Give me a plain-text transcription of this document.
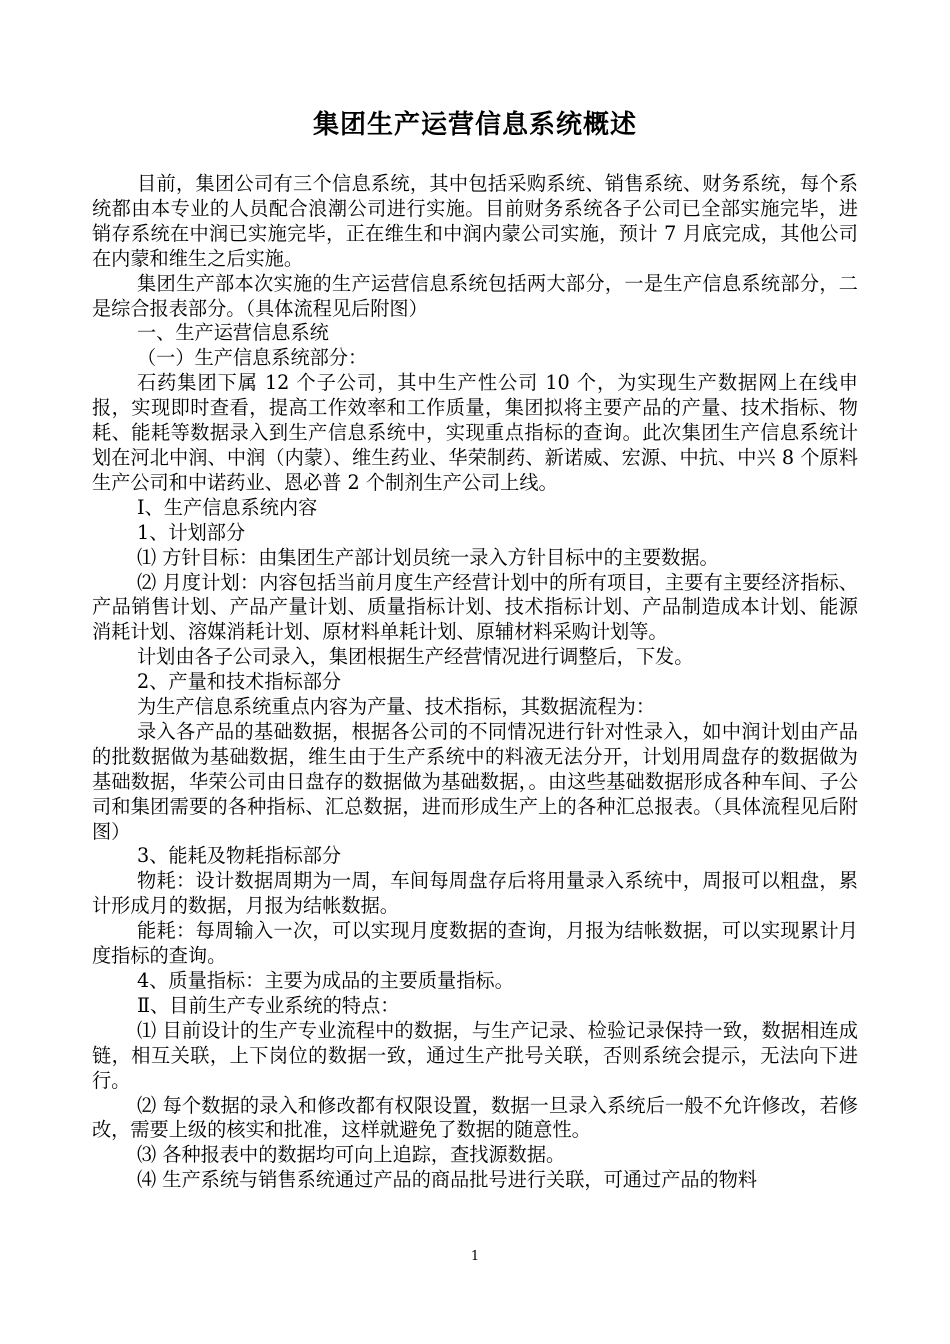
集团生产运营信息系统概述

目前，集团公司有三个信息系统，其中包括采购系统、销售系统、财务系统，每个系统都由本专业的人员配合浪潮公司进行实施。目前财务系统各子公司已全部实施完毕，进销存系统在中润已实施完毕，正在维生和中润内蒙公司实施，预计 7 月底完成，其他公司在内蒙和维生之后实施。

集团生产部本次实施的生产运营信息系统包括两大部分，一是生产信息系统部分，二是综合报表部分。（具体流程见后附图）

一、生产运营信息系统

（一）生产信息系统部分：

石药集团下属 12 个子公司，其中生产性公司 10 个，为实现生产数据网上在线申报，实现即时查看，提高工作效率和工作质量，集团拟将主要产品的产量、技术指标、物耗、能耗等数据录入到生产信息系统中，实现重点指标的查询。此次集团生产信息系统计划在河北中润、中润（内蒙）、维生药业、华荣制药、新诺威、宏源、中抗、中兴 8 个原料生产公司和中诺药业、恩必普 2 个制剂生产公司上线。

Ⅰ、生产信息系统内容

1、计划部分

⑴ 方针目标：由集团生产部计划员统一录入方针目标中的主要数据。

⑵ 月度计划：内容包括当前月度生产经营计划中的所有项目，主要有主要经济指标、产品销售计划、产品产量计划、质量指标计划、技术指标计划、产品制造成本计划、能源消耗计划、溶媒消耗计划、原材料单耗计划、原辅材料采购计划等。

计划由各子公司录入，集团根据生产经营情况进行调整后，下发。

2、产量和技术指标部分

为生产信息系统重点内容为产量、技术指标，其数据流程为：

录入各产品的基础数据，根据各公司的不同情况进行针对性录入，如中润计划由产品的批数据做为基础数据，维生由于生产系统中的料液无法分开，计划用周盘存的数据做为基础数据，华荣公司由日盘存的数据做为基础数据，。由这些基础数据形成各种车间、子公司和集团需要的各种指标、汇总数据，进而形成生产上的各种汇总报表。（具体流程见后附图）

3、能耗及物耗指标部分

物耗：设计数据周期为一周，车间每周盘存后将用量录入系统中，周报可以粗盘，累计形成月的数据，月报为结帐数据。

能耗：每周输入一次，可以实现月度数据的查询，月报为结帐数据，可以实现累计月度指标的查询。

4、质量指标：主要为成品的主要质量指标。

Ⅱ、目前生产专业系统的特点：

⑴ 目前设计的生产专业流程中的数据，与生产记录、检验记录保持一致，数据相连成链，相互关联，上下岗位的数据一致，通过生产批号关联，否则系统会提示，无法向下进行。

⑵ 每个数据的录入和修改都有权限设置，数据一旦录入系统后一般不允许修改，若修改，需要上级的核实和批准，这样就避免了数据的随意性。

⑶ 各种报表中的数据均可向上追踪，查找源数据。

⑷ 生产系统与销售系统通过产品的商品批号进行关联，可通过产品的物料

1
